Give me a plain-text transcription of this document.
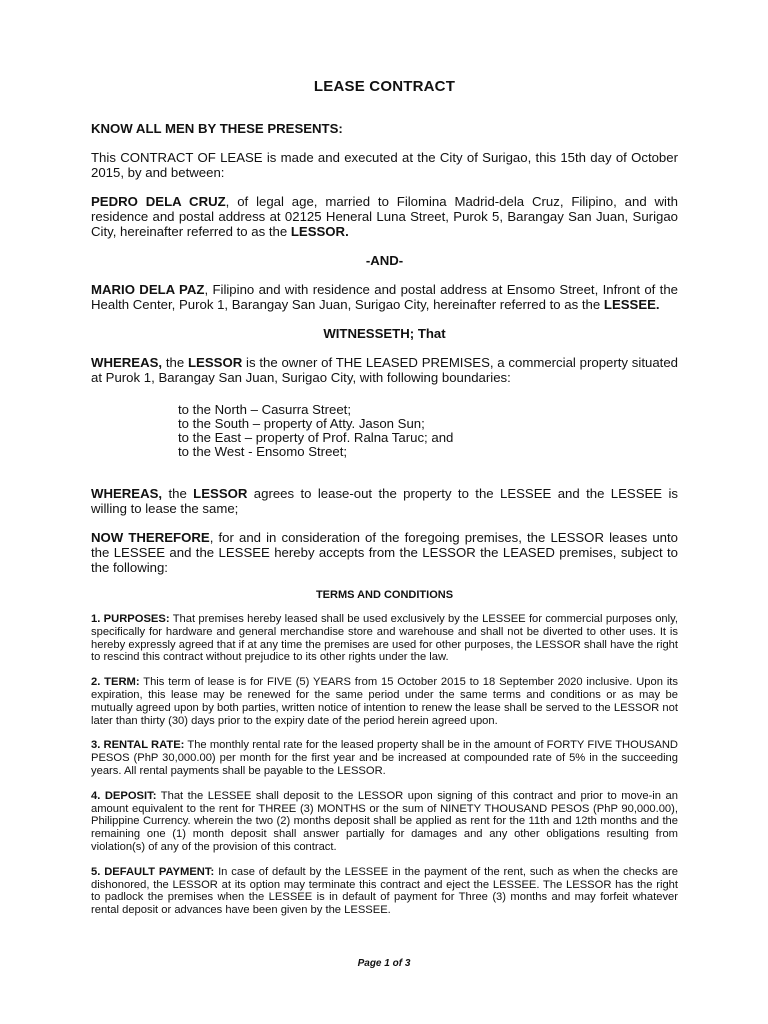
LEASE CONTRACT

KNOW ALL MEN BY THESE PRESENTS:

This CONTRACT OF LEASE is made and executed at the City of Surigao, this 15th day of October 2015, by and between:

PEDRO DELA CRUZ, of legal age, married to Filomina Madrid-dela Cruz, Filipino, and with residence and postal address at 02125 Heneral Luna Street, Purok 5, Barangay San Juan, Surigao City, hereinafter referred to as the LESSOR.

-AND-

MARIO DELA PAZ, Filipino and with residence and postal address at Ensomo Street, Infront of the Health Center, Purok 1, Barangay San Juan, Surigao City, hereinafter referred to as the LESSEE.

WITNESSETH; That

WHEREAS, the LESSOR is the owner of THE LEASED PREMISES, a commercial property situated at Purok 1, Barangay San Juan, Surigao City, with following boundaries:

to the North – Casurra Street;
to the South – property of Atty. Jason Sun;
to the East – property of Prof. Ralna Taruc; and
to the West - Ensomo Street;

WHEREAS, the LESSOR agrees to lease-out the property to the LESSEE and the LESSEE is willing to lease the same;

NOW THEREFORE, for and in consideration of the foregoing premises, the LESSOR leases unto the LESSEE and the LESSEE hereby accepts from the LESSOR the LEASED premises, subject to the following:

TERMS AND CONDITIONS

1. PURPOSES: That premises hereby leased shall be used exclusively by the LESSEE for commercial purposes only, specifically for hardware and general merchandise store and warehouse and shall not be diverted to other uses. It is hereby expressly agreed that if at any time the premises are used for other purposes, the LESSOR shall have the right to rescind this contract without prejudice to its other rights under the law.

2. TERM: This term of lease is for FIVE (5) YEARS from 15 October 2015 to 18 September 2020 inclusive. Upon its expiration, this lease may be renewed for the same period under the same terms and conditions or as may be mutually agreed upon by both parties, written notice of intention to renew the lease shall be served to the LESSOR not later than thirty (30) days prior to the expiry date of the period herein agreed upon.

3. RENTAL RATE: The monthly rental rate for the leased property shall be in the amount of FORTY FIVE THOUSAND PESOS (PhP 30,000.00) per month for the first year and be increased at compounded rate of 5% in the succeeding years. All rental payments shall be payable to the LESSOR.

4. DEPOSIT: That the LESSEE shall deposit to the LESSOR upon signing of this contract and prior to move-in an amount equivalent to the rent for THREE (3) MONTHS or the sum of NINETY THOUSAND PESOS (PhP 90,000.00), Philippine Currency. wherein the two (2) months deposit shall be applied as rent for the 11th and 12th months and the remaining one (1) month deposit shall answer partially for damages and any other obligations resulting from violation(s) of any of the provision of this contract.

5. DEFAULT PAYMENT: In case of default by the LESSEE in the payment of the rent, such as when the checks are dishonored, the LESSOR at its option may terminate this contract and eject the LESSEE. The LESSOR has the right to padlock the premises when the LESSEE is in default of payment for Three (3) months and may forfeit whatever rental deposit or advances have been given by the LESSEE.

Page 1 of 3
